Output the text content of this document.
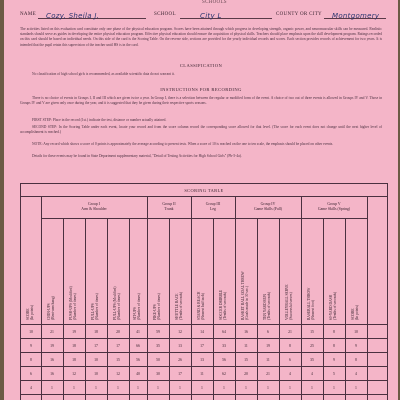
SCHOOLS
NAME Cozy, Sheila J.	SCHOOL	City L	COUNTY OR CITY Montgomery
The activities listed on this evaluation card constitute only one phase of the physical education program. Scores have been attained through which progress in developing strength, organic power, and neuromuscular skills can be measured. Realistic standards should serve as guides in developing the entire physical education program. Effective physical education should ensure the acquisition of physical skills. Teachers should place emphasis upon the skill development program. Ratings recorded on this card should be based on individual needs. On this side of the card is the Scoring Table. On the reverse side, sections are provided for the yearly individual records and scores. Each section provides records of achievement for two years. It is intended that the pupil retain this supervision of the teacher until HS is in the card.
CLASSIFICATION
No classification of high school girls is recommended, as available scientific data do not warrant it.
INSTRUCTIONS FOR RECORDING
There is no choice of events in Groups I, II and III which are given twice a year. In Group I, there is a selection between the regular or modified form of the event. A choice of two out of three events is allowed in Groups IV and V. Those in Groups IV and V are given only once during the year, and it is suggested that they be given during their respective sports seasons.
FIRST STEP: Place in the record (1st.) indicate the test, distance or number actually attained.
SECOND STEP: In the Scoring Table under each event, locate your record and from the score column record the corresponding score allowed for that level. (The score for each event does not change until the next higher level of accomplishment is reached.)
NOTE: Any record which shows a score of 0 points is approximately the average according to present tests. When a score of 10 is reached on the one to ten scale, the emphasis should be placed on other events.
Details for these events may be found in State Department supplementary material, "Detail of Testing Activities for High School Girls" (Pb-5-4a).
SCORING TABLE
Group I
Arm & Shoulder
Group II
Trunk
Group III
Leg
Group IV
Game Skills (Fall)
Group V
Game Skills (Spring)
SCORE (In points)	CHIN-UPS (Bent-arm hang)	PUSH-UPS (Modified) (Number of times)	PULL-UPS (Number of times)	PULL-UPS (Modified) (Number of times)	SIT-UPS (Number of times)	PIKE-UPS (Number of times)	SHUTTLE RACE (Tenths of seconds)	STAND & REACH (Nearest half inch)	SOCCER DRIBBLE (Tenths of seconds)	BASKET BALL GOAL THROW (Goals made in 30 sec.)	TEN YARD RUN (Tenths of seconds)	VOLLEYBALL SERVE (Successful serves)	BASEBALL THROW (Nearest foot)	60-YARD DASH (Tenths of seconds)	SCORE (In points)
10	21	19	18	20	41	59	12	14	64	16	6	21	15	8	10
9	19	18	17	17	66	35	13	17	33	11	19	8	25	8	9
8	16	18	10	15	56	50	26	13	56	15	11	6	35	9	8
6	16	12	10	12	40	30	17	11	62	20	21	4	4	5	4
4	1	1	1	1	1	1	1	1	1	1	1	1	1	1	1
